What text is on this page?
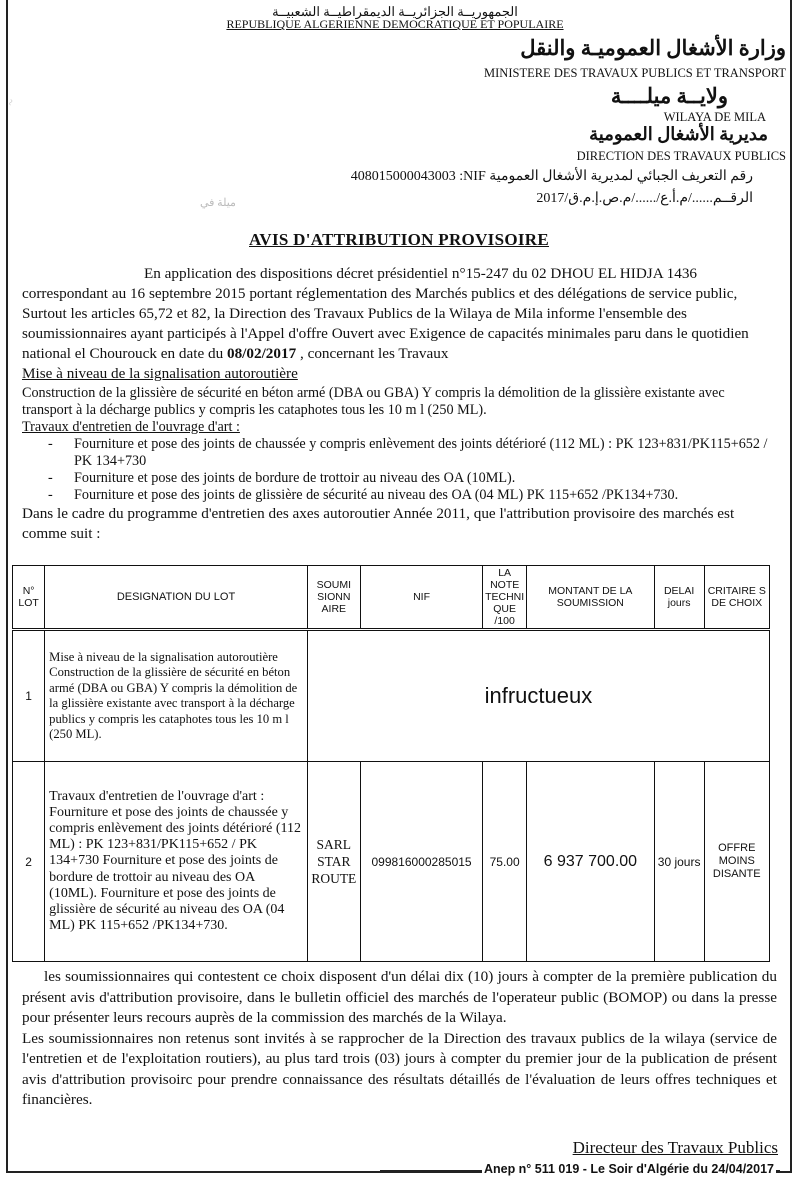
الجمهوريــة الجزائريــة الديمقراطيــة الشعبيــة
REPUBLIQUE ALGERIENNE DEMOCRATIQUE ET POPULAIRE
وزارة الأشغال العموميـة والنقل
MINISTERE DES TRAVAUX PUBLICS ET TRANSPORT
ولايــة ميلــــة
WILAYA DE MILA
مديرية الأشغال العمومية
DIRECTION DES TRAVAUX PUBLICS
408015000043003 :NIF رقم التعريف الجبائي لمديرية الأشغال العمومية
الرقــم....../م.أ.ع/....../م.ص.إ.م.ق/2017
ميلة في
~
AVIS D'ATTRIBUTION PROVISOIRE

En application des dispositions décret présidentiel n°15-247 du 02 DHOU EL HIDJA 1436 correspondant au 16 septembre 2015 portant réglementation des Marchés publics et des délégations de service public, Surtout les articles 65,72 et 82, la Direction des Travaux Publics de la Wilaya de Mila informe l'ensemble des soumissionnaires ayant participés à l'Appel d'offre Ouvert avec Exigence de capacités minimales paru dans le quotidien national el Chourouck en date du 08/02/2017 , concernant les Travaux

Mise à niveau de la signalisation autoroutière

Construction de la glissière de sécurité en béton armé (DBA ou GBA) Y compris la démolition de la glissière existante avec transport à la décharge publics y compris les cataphotes tous les 10 m l (250 ML).

Travaux d'entretien de l'ouvrage d'art :

- Fourniture et pose des joints de chaussée y compris enlèvement des joints détérioré (112 ML) : PK 123+831/PK115+652 / PK 134+730

- Fourniture et pose des joints de bordure de trottoir au niveau des OA (10ML).

- Fourniture et pose des joints de glissière de sécurité au niveau des OA (04 ML) PK 115+652 /PK134+730.

Dans le cadre du programme d'entretien des axes autoroutier Année 2011, que l'attribution provisoire des marchés est comme suit :

N° LOT	DESIGNATION DU LOT	SOUMI SIONN AIRE	NIF	LA NOTE TECHNI QUE /100	MONTANT DE LA SOUMISSION	DELAI jours	CRITAIRE S DE CHOIX
1	Mise à niveau de la signalisation autoroutière
Construction de la glissière de sécurité en béton armé (DBA ou GBA) Y compris la démolition de la glissière existante avec transport à la décharge publics y compris les cataphotes tous les 10 m l (250 ML).	infructueux					
2	Travaux d'entretien de l'ouvrage d'art : Fourniture et pose des joints de chaussée y compris enlèvement des joints détérioré (112 ML) : PK 123+831/PK115+652 / PK 134+730 Fourniture et pose des joints de bordure de trottoir au niveau des OA (10ML). Fourniture et pose des joints de glissière de sécurité au niveau des OA (04 ML) PK 115+652 /PK134+730.	SARL STAR ROUTE	099816000285015	75.00	6 937 700.00	30 jours	OFFRE MOINS DISANTE

les soumissionnaires qui contestent ce choix disposent d'un délai dix (10) jours à compter de la première publication du présent avis d'attribution provisoire, dans le bulletin officiel des marchés de l'operateur public (BOMOP) ou dans la presse pour présenter leurs recours auprès de la commission des marchés de la Wilaya.

Les soumissionnaires non retenus sont invités à se rapprocher de la Direction des travaux publics de la wilaya (service de l'entretien et de l'exploitation routiers), au plus tard trois (03) jours à compter du premier jour de la publication de présent avis d'attribution provisoirc pour prendre connaissance des résultats détaillés de l'évaluation de leurs offres techniques et financières.

Directeur des Travaux Publics
Anep n° 511 019 - Le Soir d'Algérie du 24/04/2017
